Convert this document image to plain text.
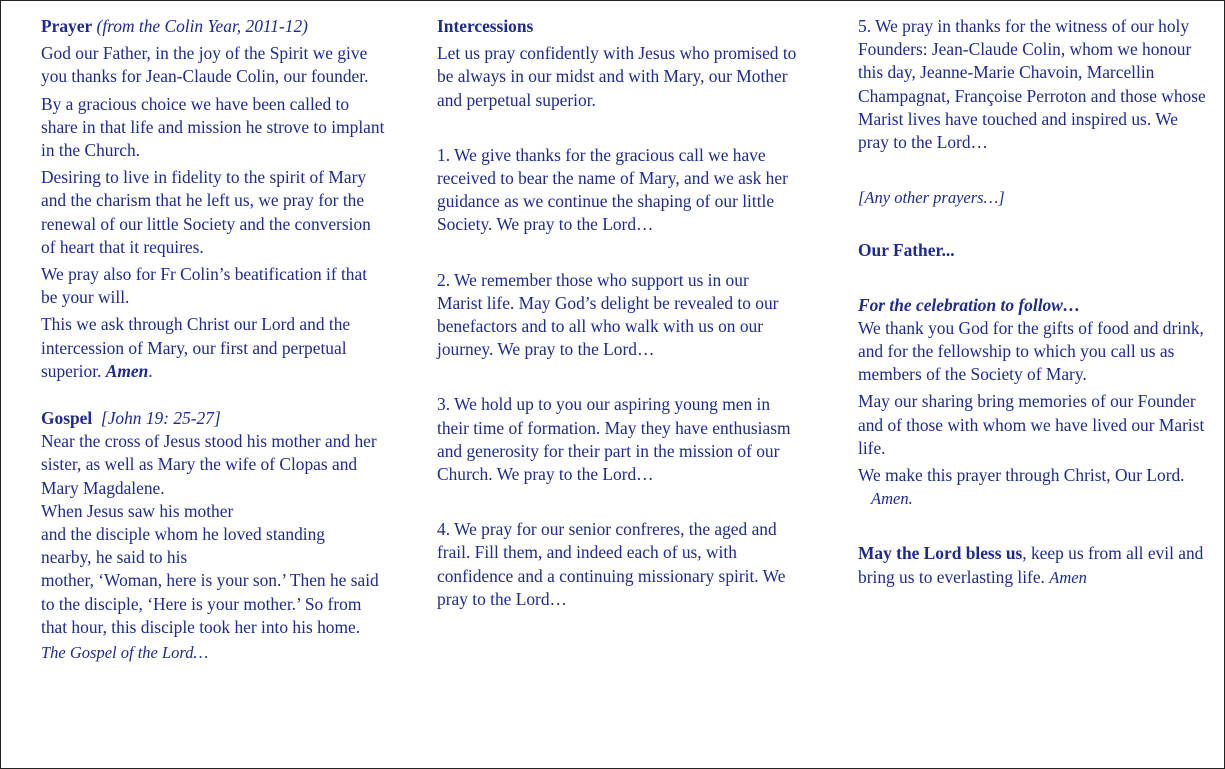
Prayer (from the Colin Year, 2011-12)

God our Father, in the joy of the Spirit we give you thanks for Jean-Claude Colin, our founder.

By a gracious choice we have been called to share in that life and mission he strove to implant in the Church.

Desiring to live in fidelity to the spirit of Mary and the charism that he left us, we pray for the renewal of our little Society and the conversion of heart that it requires.

We pray also for Fr Colin’s beatification if that be your will.

This we ask through Christ our Lord and the intercession of Mary, our first and perpetual superior. Amen.

Gospel [John 19: 25-27]

Near the cross of Jesus stood his mother and her sister, as well as Mary the wife of Clopas and Mary Magdalene.

When Jesus saw his mother

and the disciple whom he loved standing nearby, he said to his

mother, ‘Woman, here is your son.’ Then he said to the disciple, ‘Here is your mother.’ So from that hour, this disciple took her into his home.

The Gospel of the Lord…

Intercessions

Let us pray confidently with Jesus who promised to be always in our midst and with Mary, our Mother and perpetual superior.

1. We give thanks for the gracious call we have received to bear the name of Mary, and we ask her guidance as we continue the shaping of our little Society. We pray to the Lord…

2. We remember those who support us in our Marist life. May God’s delight be revealed to our benefactors and to all who walk with us on our journey. We pray to the Lord…

3. We hold up to you our aspiring young men in their time of formation. May they have enthusiasm and generosity for their part in the mission of our Church. We pray to the Lord…

4. We pray for our senior confreres, the aged and frail. Fill them, and indeed each of us, with confidence and a continuing missionary spirit. We pray to the Lord…

5. We pray in thanks for the witness of our holy Founders: Jean-Claude Colin, whom we honour this day, Jeanne-Marie Chavoin, Marcellin Champagnat, Françoise Perroton and those whose Marist lives have touched and inspired us. We pray to the Lord…

[Any other prayers…]

Our Father...

For the celebration to follow…

We thank you God for the gifts of food and drink, and for the fellowship to which you call us as members of the Society of Mary.

May our sharing bring memories of our Founder and of those with whom we have lived our Marist life.

We make this prayer through Christ, Our Lord.    Amen.

May the Lord bless us, keep us from all evil and bring us to everlasting life. Amen
